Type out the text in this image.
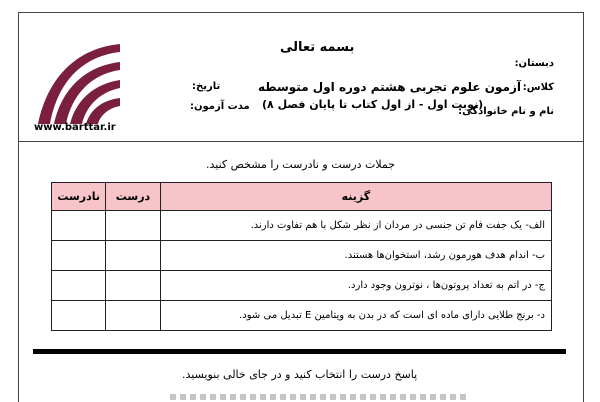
www.barttar.ir
بسمه تعالی
آزمون علوم تجربی هشتم دوره اول متوسطه
(نوبت اول - از اول کتاب تا پایان فصل ۸)
دبستان:
کلاس:
نام و نام خانوادگی:
تاریخ:
مدت آزمون:
جملات درست و نادرست را مشخص کنید.
گزینه	درست	نادرست
الف- یک جفت فام تن جنسی در مردان از نظر شکل با هم تفاوت دارند.		
ب- اندام هدف هورمون رشد، استخوان‌ها هستند.		
ج- در اتم به تعداد پروتون‌ها ، نوترون وجود دارد.		
د- برنج طلایی دارای ماده ای است که در بدن به ویتامین E تبدیل می شود.		
پاسخ درست را انتخاب کنید و در جای خالی بنویسید.
